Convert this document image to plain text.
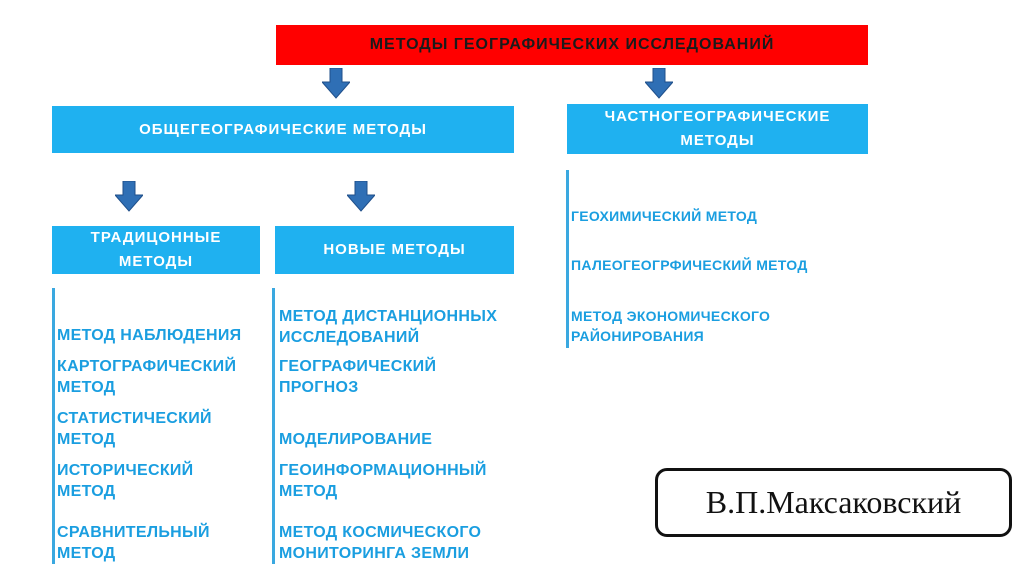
МЕТОДЫ ГЕОГРАФИЧЕСКИХ ИССЛЕДОВАНИЙ
ОБЩЕГЕОГРАФИЧЕСКИЕ МЕТОДЫ
ЧАСТНОГЕОГРАФИЧЕСКИЕ
МЕТОДЫ
ТРАДИЦОННЫЕ
МЕТОДЫ
НОВЫЕ МЕТОДЫ
МЕТОД НАБЛЮДЕНИЯ
КАРТОГРАФИЧЕСКИЙ
МЕТОД
СТАТИСТИЧЕСКИЙ
МЕТОД
ИСТОРИЧЕСКИЙ
МЕТОД
СРАВНИТЕЛЬНЫЙ
МЕТОД
МЕТОД ДИСТАНЦИОННЫХ
ИССЛЕДОВАНИЙ
ГЕОГРАФИЧЕСКИЙ
ПРОГНОЗ
МОДЕЛИРОВАНИЕ
ГЕОИНФОРМАЦИОННЫЙ
МЕТОД
МЕТОД КОСМИЧЕСКОГО
МОНИТОРИНГА ЗЕМЛИ
ГЕОХИМИЧЕСКИЙ МЕТОД
ПАЛЕОГЕОГРФИЧЕСКИЙ МЕТОД
МЕТОД ЭКОНОМИЧЕСКОГО
РАЙОНИРОВАНИЯ
В.П.Максаковский
